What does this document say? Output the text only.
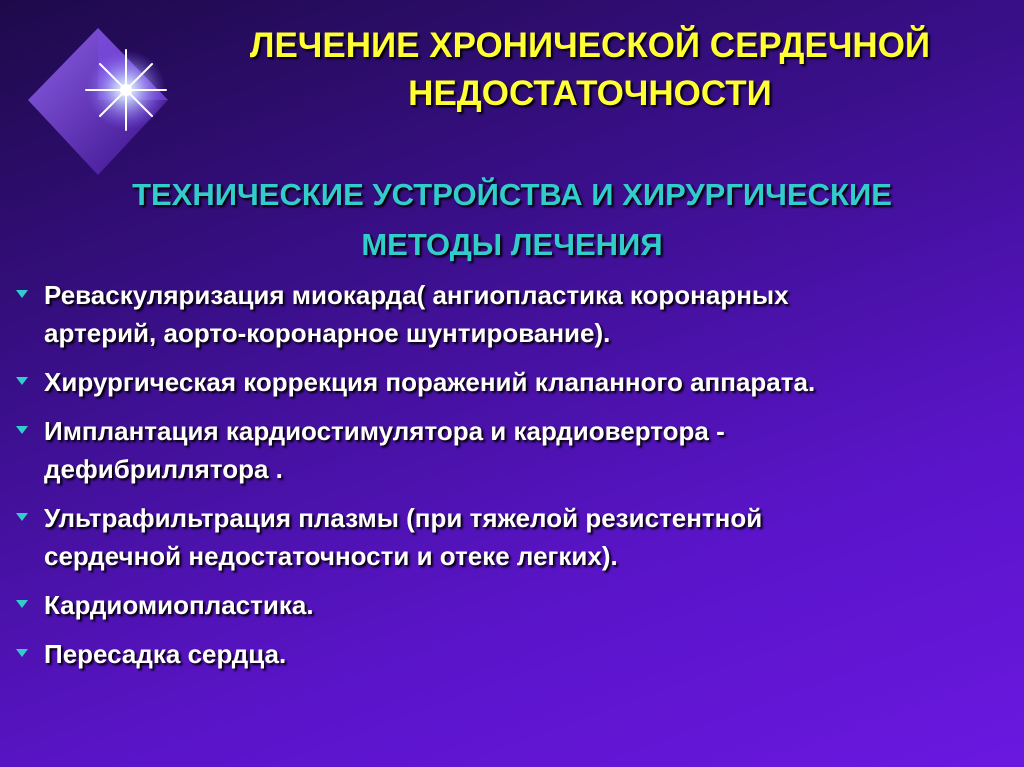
ЛЕЧЕНИЕ ХРОНИЧЕСКОЙ СЕРДЕЧНОЙ
НЕДОСТАТОЧНОСТИ
ТЕХНИЧЕСКИЕ УСТРОЙСТВА И ХИРУРГИЧЕСКИЕ
МЕТОДЫ ЛЕЧЕНИЯ
Реваскуляризация миокарда( ангиопластика коронарных
артерий, аорто-коронарное шунтирование).
Хирургическая коррекция поражений клапанного аппарата.
Имплантация кардиостимулятора и кардиовертора -
дефибриллятора .
Ультрафильтрация плазмы (при тяжелой резистентной
сердечной недостаточности и отеке легких).
Кардиомиопластика.
Пересадка сердца.
